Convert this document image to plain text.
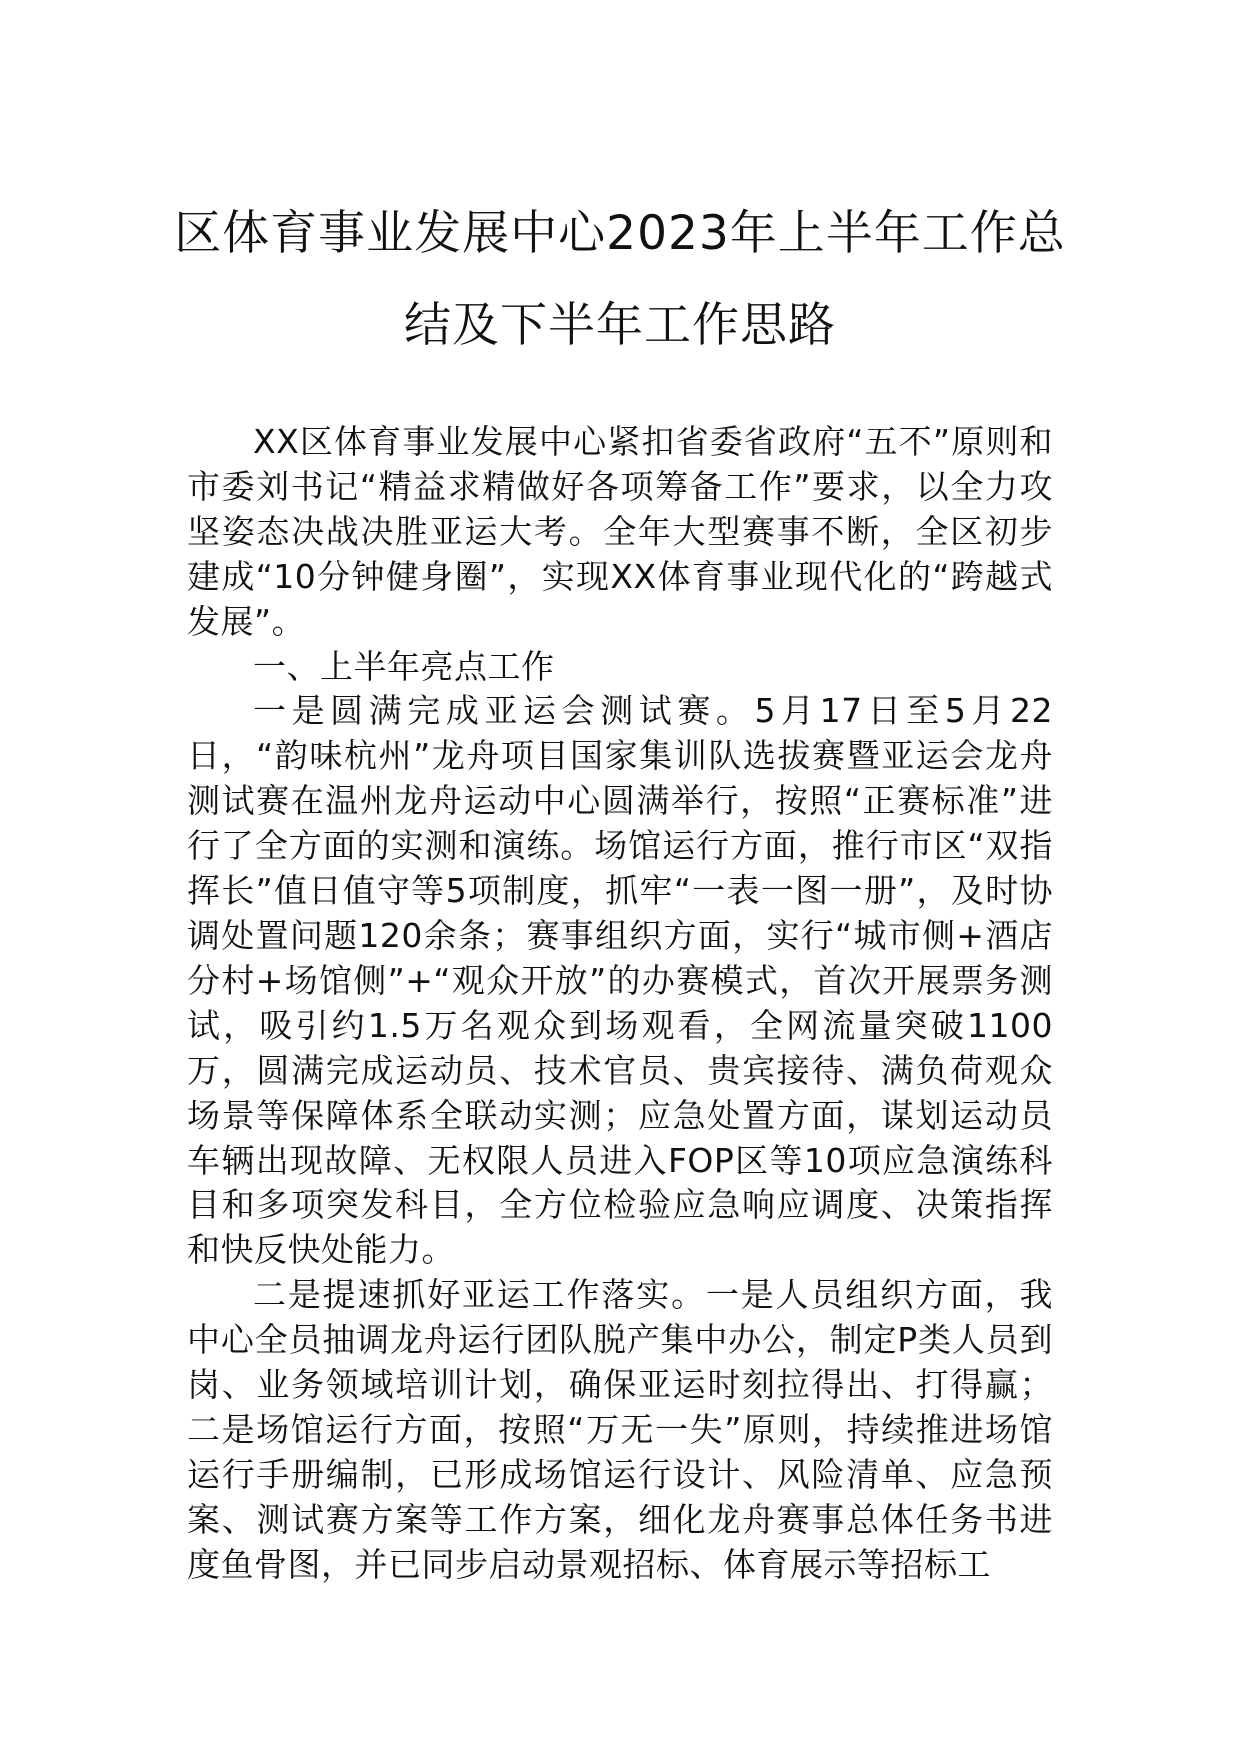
区体育事业发展中心2023年上半年工作总
结及下半年工作思路

XX区体育事业发展中心紧扣省委省政府“五不”原则和市委刘书记“精益求精做好各项筹备工作”要求，以全力攻坚姿态决战决胜亚运大考。全年大型赛事不断，全区初步建成“10分钟健身圈”，实现XX体育事业现代化的“跨越式发展”。

一、上半年亮点工作

一是圆满完成亚运会测试赛。5月17日至5月22日，“韵味杭州”龙舟项目国家集训队选拔赛暨亚运会龙舟测试赛在温州龙舟运动中心圆满举行，按照“正赛标准”进行了全方面的实测和演练。场馆运行方面，推行市区“双指挥长”值日值守等5项制度，抓牢“一表一图一册”，及时协调处置问题120余条；赛事组织方面，实行“城市侧+酒店分村+场馆侧”+“观众开放”的办赛模式，首次开展票务测试，吸引约1.5万名观众到场观看，全网流量突破1100万，圆满完成运动员、技术官员、贵宾接待、满负荷观众场景等保障体系全联动实测；应急处置方面，谋划运动员车辆出现故障、无权限人员进入FOP区等10项应急演练科目和多项突发科目，全方位检验应急响应调度、决策指挥和快反快处能力。

二是提速抓好亚运工作落实。一是人员组织方面，我中心全员抽调龙舟运行团队脱产集中办公，制定P类人员到岗、业务领域培训计划，确保亚运时刻拉得出、打得赢；二是场馆运行方面，按照“万无一失”原则，持续推进场馆运行手册编制，已形成场馆运行设计、风险清单、应急预案、测试赛方案等工作方案，细化龙舟赛事总体任务书进度鱼骨图，并已同步启动景观招标、体育展示等招标工
